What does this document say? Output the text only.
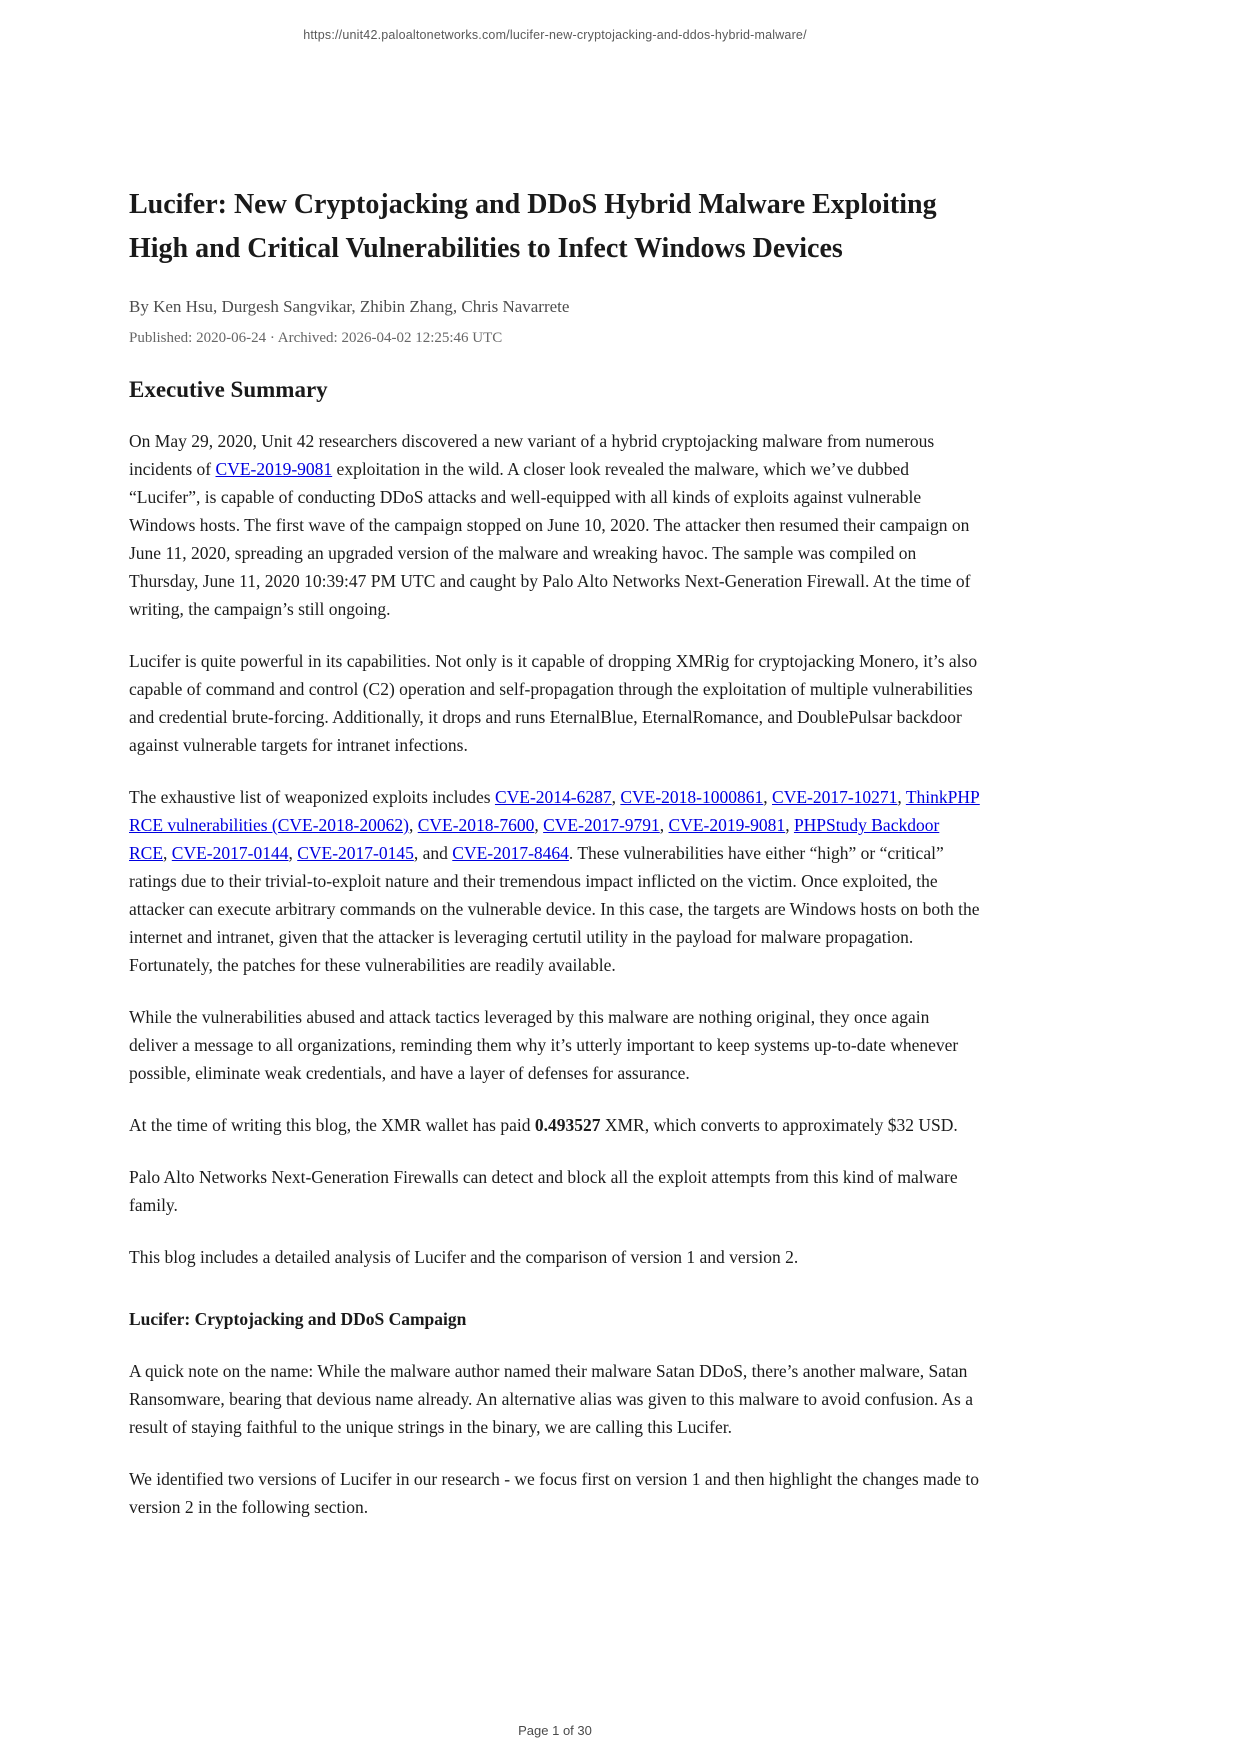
https://unit42.paloaltonetworks.com/lucifer-new-cryptojacking-and-ddos-hybrid-malware/
Lucifer: New Cryptojacking and DDoS Hybrid Malware Exploiting High and Critical Vulnerabilities to Infect Windows Devices
By Ken Hsu, Durgesh Sangvikar, Zhibin Zhang, Chris Navarrete
Published: 2020-06-24 · Archived: 2026-04-02 12:25:46 UTC
Executive Summary

On May 29, 2020, Unit 42 researchers discovered a new variant of a hybrid cryptojacking malware from numerous incidents of CVE-2019-9081 exploitation in the wild. A closer look revealed the malware, which we’ve dubbed “Lucifer”, is capable of conducting DDoS attacks and well-equipped with all kinds of exploits against vulnerable Windows hosts. The first wave of the campaign stopped on June 10, 2020. The attacker then resumed their campaign on June 11, 2020, spreading an upgraded version of the malware and wreaking havoc. The sample was compiled on Thursday, June 11, 2020 10:39:47 PM UTC and caught by Palo Alto Networks Next-Generation Firewall. At the time of writing, the campaign’s still ongoing.

Lucifer is quite powerful in its capabilities. Not only is it capable of dropping XMRig for cryptojacking Monero, it’s also capable of command and control (C2) operation and self-propagation through the exploitation of multiple vulnerabilities and credential brute-forcing. Additionally, it drops and runs EternalBlue, EternalRomance, and DoublePulsar backdoor against vulnerable targets for intranet infections.

The exhaustive list of weaponized exploits includes CVE-2014-6287, CVE-2018-1000861, CVE-2017-10271, ThinkPHP RCE vulnerabilities (CVE-2018-20062), CVE-2018-7600, CVE-2017-9791, CVE-2019-9081, PHPStudy Backdoor RCE, CVE-2017-0144, CVE-2017-0145, and CVE-2017-8464. These vulnerabilities have either “high” or “critical” ratings due to their trivial-to-exploit nature and their tremendous impact inflicted on the victim. Once exploited, the attacker can execute arbitrary commands on the vulnerable device. In this case, the targets are Windows hosts on both the internet and intranet, given that the attacker is leveraging certutil utility in the payload for malware propagation. Fortunately, the patches for these vulnerabilities are readily available.

While the vulnerabilities abused and attack tactics leveraged by this malware are nothing original, they once again deliver a message to all organizations, reminding them why it’s utterly important to keep systems up-to-date whenever possible, eliminate weak credentials, and have a layer of defenses for assurance.

At the time of writing this blog, the XMR wallet has paid 0.493527 XMR, which converts to approximately $32 USD.

Palo Alto Networks Next-Generation Firewalls can detect and block all the exploit attempts from this kind of malware family.

This blog includes a detailed analysis of Lucifer and the comparison of version 1 and version 2.

Lucifer: Cryptojacking and DDoS Campaign

A quick note on the name: While the malware author named their malware Satan DDoS, there’s another malware, Satan Ransomware, bearing that devious name already. An alternative alias was given to this malware to avoid confusion. As a result of staying faithful to the unique strings in the binary, we are calling this Lucifer.

We identified two versions of Lucifer in our research - we focus first on version 1 and then highlight the changes made to version 2 in the following section.

Page 1 of 30
